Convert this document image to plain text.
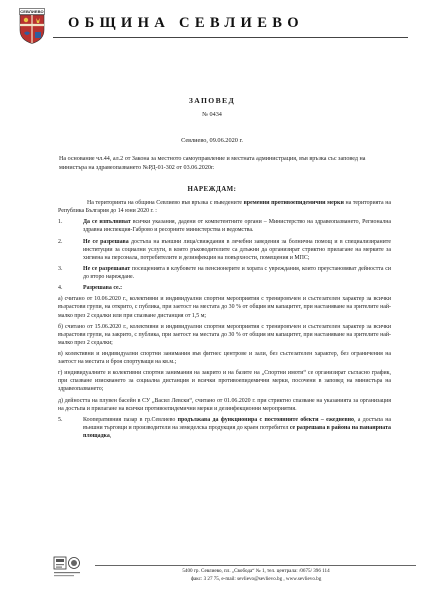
СЕВЛИЕВО
ОБЩИНА СЕВЛИЕВО
ЗАПОВЕД
№ 0434
Севлиево, 09.06.2020 г.
На основание чл.44, ал.2 от Закона за местното самоуправление и местната администрация, във връзка със заповед на министъра на здравеопазването №РД-01-302 от 03.06.2020г.
НАРЕЖДАМ:

На територията на община Севлиево във връзка с въведените временни противоепидемични мерки на територията на Република България до 14 юни 2020 г. :

1.	Да се изпълняват всички указания, дадени от компетентните органи – Министерство на здравеопазването, Регионална здравна инспекция-Габрово и ресорните министерства и ведомства.

2.	Не се разрешава достъпа на външни лица/свиждания в лечебни заведения за болнична помощ и в специализираните институции за социални услуги, в които ръководителите са длъжни да организират стриктно прилагане на мерките за хигиена на персонала, потребителите и дезинфекция на повърхности, помещения и МПС;

3.	Не се разрешават посещенията в клубовете на пенсионерите и хората с увреждания, които преустановяват дейността си до второ нареждане.

4.	Разрешава се.:

а) считано от 10.06.2020 г., колективни и индивидуални спортни мероприятия с тренировъчен и състезателен характер за всички възрастови групи, на открито, с публика, при заетост на местата до 30 % от общия им капацитет, при настаняване на зрителите най-малко през 2 седалки или при спазване дистанция от 1,5 м;

б) считано от 15.06.2020 г., колективни и индивидуални спортни мероприятия с тренировъчен и състезателен характер за всички възрастови групи, на закрито, с публика, при заетост на местата до 30 % от общия им капацитет, при настаняване на зрителите най-малко през 2 седалки;

в) колективни и индивидуални спортни занимания във фитнес центрове и зали, без състезателен характер, без ограничения на заетост на местата и броя спортуващи на кв.м.;

г) индивидуалните и колективни спортни занимания на закрито и на базите на „Спортни имоти“ се организират съгласно график, при спазване изискването за социална дистанция и всички противоепидемични мерки, посочени в заповед на министъра на здравеопазването;

д) дейността на плувен басейн в СУ „Васил Левски“, считано от 01.06.2020 г. при стриктно спазване на указанията за организация на достъпа и прилагане на всички противоепидемични мерки и дезинфекционни мероприятия.

5.	Кооперативния пазар в гр.Севлиево продължава да функционира с постоянните обекти – ежедневно, а достъпа на външни търговци и производители на земеделска продукция до краен потребител се разрешава в района на панаирната площадка,

5400 гр. Севлиево, пл. „Свобода“ № 1, тел. централа: /0675/ 396 114
факс: 3 27 75, e-mail: sevlievo@sevlievo.bg , www.sevlievo.bg
